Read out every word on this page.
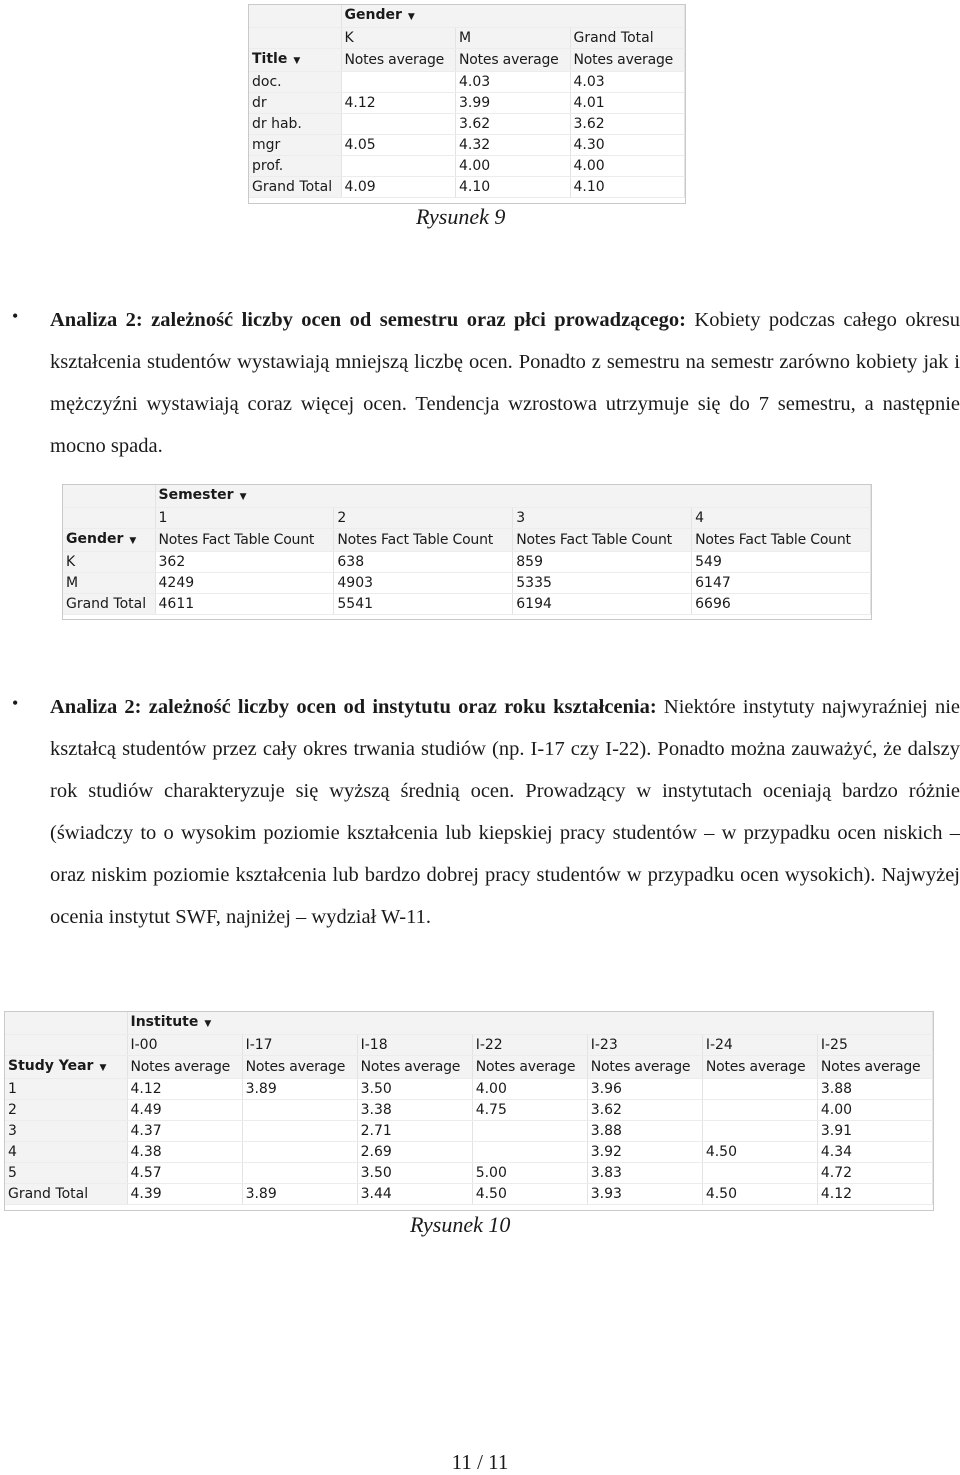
	Gender ▼		
	K	M	Grand Total
Title ▼	Notes average	Notes average	Notes average
doc.		4.03	4.03
dr	4.12	3.99	4.01
dr hab.		3.62	3.62
mgr	4.05	4.32	4.30
prof.		4.00	4.00
Grand Total	4.09	4.10	4.10
Rysunek 9
• Analiza 2: zależność liczby ocen od semestru oraz płci prowadzącego: Kobiety podczas całego okresu kształcenia studentów wystawiają mniejszą liczbę ocen. Ponadto z semestru na semestr zarówno kobiety jak i mężczyźni wystawiają coraz więcej ocen. Tendencja wzrostowa utrzymuje się do 7 semestru, a następnie mocno spada.

	Semester ▼			
	1	2	3	4
Gender ▼	Notes Fact Table Count	Notes Fact Table Count	Notes Fact Table Count	Notes Fact Table Count
K	362	638	859	549
M	4249	4903	5335	6147
Grand Total	4611	5541	6194	6696
• Analiza 2: zależność liczby ocen od instytutu oraz roku kształcenia: Niektóre instytuty najwyraźniej nie kształcą studentów przez cały okres trwania studiów (np. I-17 czy I-22). Ponadto można zauważyć, że dalszy rok studiów charakteryzuje się wyższą średnią ocen. Prowadzący w instytutach oceniają bardzo różnie (świadczy to o wysokim poziomie kształcenia lub kiepskiej pracy studentów – w przypadku ocen niskich – oraz niskim poziomie kształcenia lub bardzo dobrej pracy studentów w przypadku ocen wysokich). Najwyżej ocenia instytut SWF, najniżej – wydział W-11.

	Institute ▼						
	I-00	I-17	I-18	I-22	I-23	I-24	I-25
Study Year ▼	Notes average	Notes average	Notes average	Notes average	Notes average	Notes average	Notes average
1	4.12	3.89	3.50	4.00	3.96		3.88
2	4.49		3.38	4.75	3.62		4.00
3	4.37		2.71		3.88		3.91
4	4.38		2.69		3.92	4.50	4.34
5	4.57		3.50	5.00	3.83		4.72
Grand Total	4.39	3.89	3.44	4.50	3.93	4.50	4.12
Rysunek 10
11 / 11
